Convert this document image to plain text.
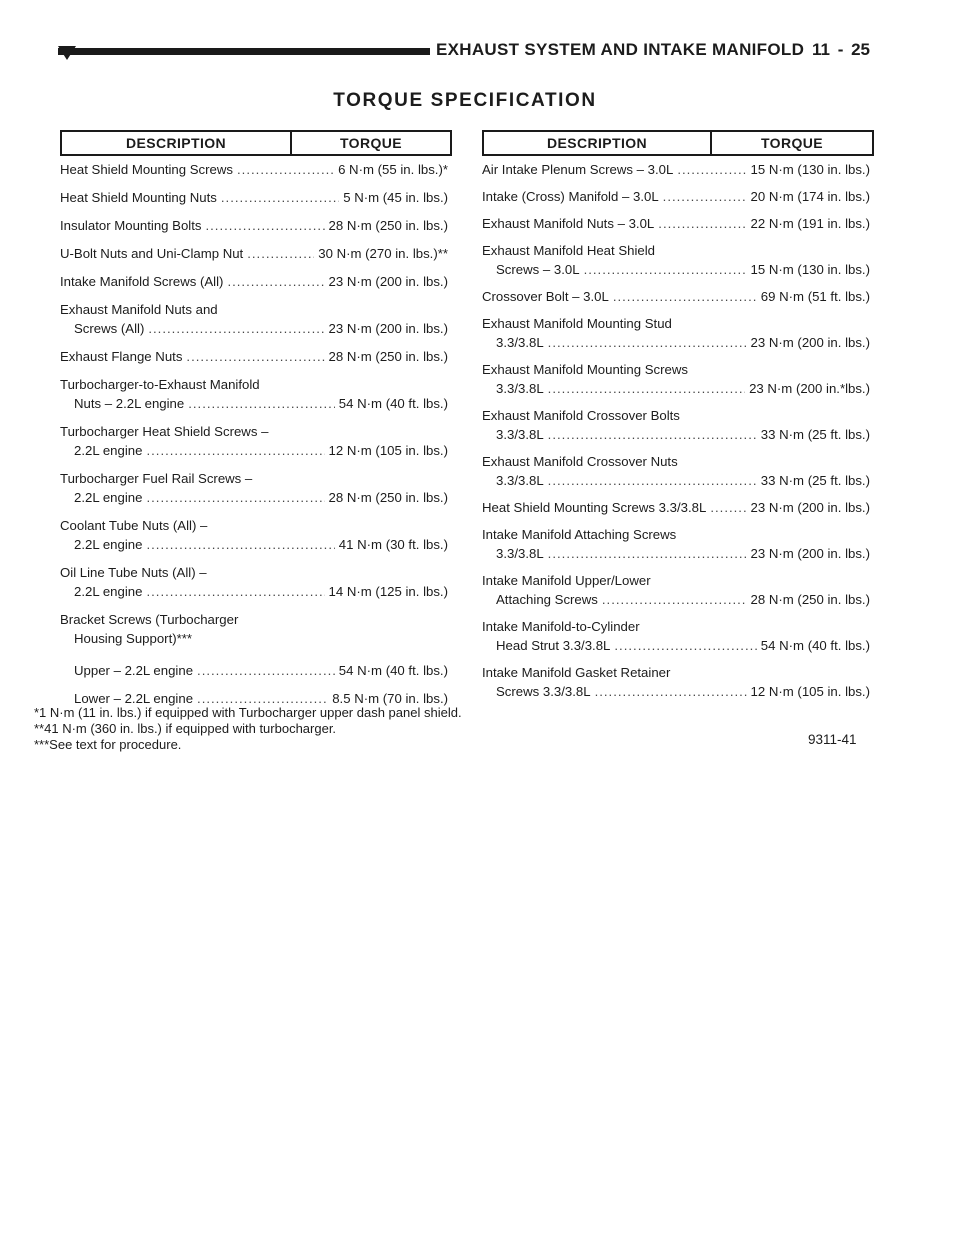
EXHAUST SYSTEM AND INTAKE MANIFOLD 11 - 25
TORQUE SPECIFICATION
DESCRIPTION	TORQUE	DESCRIPTION	TORQUE
Heat Shield Mounting Screws .....	6 N·m (55 in. lbs.)*
Heat Shield Mounting Nuts .....	5 N·m (45 in. lbs.)
Insulator Mounting Bolts .....	28 N·m (250 in. lbs.)
U-Bolt Nuts and Uni-Clamp Nut .....	30 N·m (270 in. lbs.)**
Intake Manifold Screws (All) .....	23 N·m (200 in. lbs.)
Exhaust Manifold Nuts and
Screws (All) .....	23 N·m (200 in. lbs.)
Exhaust Flange Nuts .....	28 N·m (250 in. lbs.)
Turbocharger-to-Exhaust Manifold
Nuts – 2.2L engine .....	54 N·m (40 ft. lbs.)
Turbocharger Heat Shield Screws –
2.2L engine .....	12 N·m (105 in. lbs.)
Turbocharger Fuel Rail Screws –
2.2L engine .....	28 N·m (250 in. lbs.)
Coolant Tube Nuts (All) –
2.2L engine .....	41 N·m (30 ft. lbs.)
Oil Line Tube Nuts (All) –
2.2L engine .....	14 N·m (125 in. lbs.)
Bracket Screws (Turbocharger
Housing Support)***
Upper – 2.2L engine .....	54 N·m (40 ft. lbs.)
Lower – 2.2L engine .....	8.5 N·m (70 in. lbs.)
Air Intake Plenum Screws – 3.0L .....	15 N·m (130 in. lbs.)
Intake (Cross) Manifold – 3.0L .....	20 N·m (174 in. lbs.)
Exhaust Manifold Nuts – 3.0L .....	22 N·m (191 in. lbs.)
Exhaust Manifold Heat Shield
Screws – 3.0L .....	15 N·m (130 in. lbs.)
Crossover Bolt – 3.0L .....	69 N·m (51 ft. lbs.)
Exhaust Manifold Mounting Stud
3.3/3.8L .....	23 N·m (200 in. lbs.)
Exhaust Manifold Mounting Screws
3.3/3.8L .....	23 N·m (200 in.*lbs.)
Exhaust Manifold Crossover Bolts
3.3/3.8L .....	33 N·m (25 ft. lbs.)
Exhaust Manifold Crossover Nuts
3.3/3.8L .....	33 N·m (25 ft. lbs.)
Heat Shield Mounting Screws 3.3/3.8L .....	23 N·m (200 in. lbs.)
Intake Manifold Attaching Screws
3.3/3.8L .....	23 N·m (200 in. lbs.)
Intake Manifold Upper/Lower
Attaching Screws .....	28 N·m (250 in. lbs.)
Intake Manifold-to-Cylinder
Head Strut 3.3/3.8L .....	54 N·m (40 ft. lbs.)
Intake Manifold Gasket Retainer
Screws 3.3/3.8L .....	12 N·m (105 in. lbs.)
*1 N·m (11 in. lbs.) if equipped with Turbocharger upper dash panel shield.
**41 N·m (360 in. lbs.) if equipped with turbocharger.
***See text for procedure.	9311-41
